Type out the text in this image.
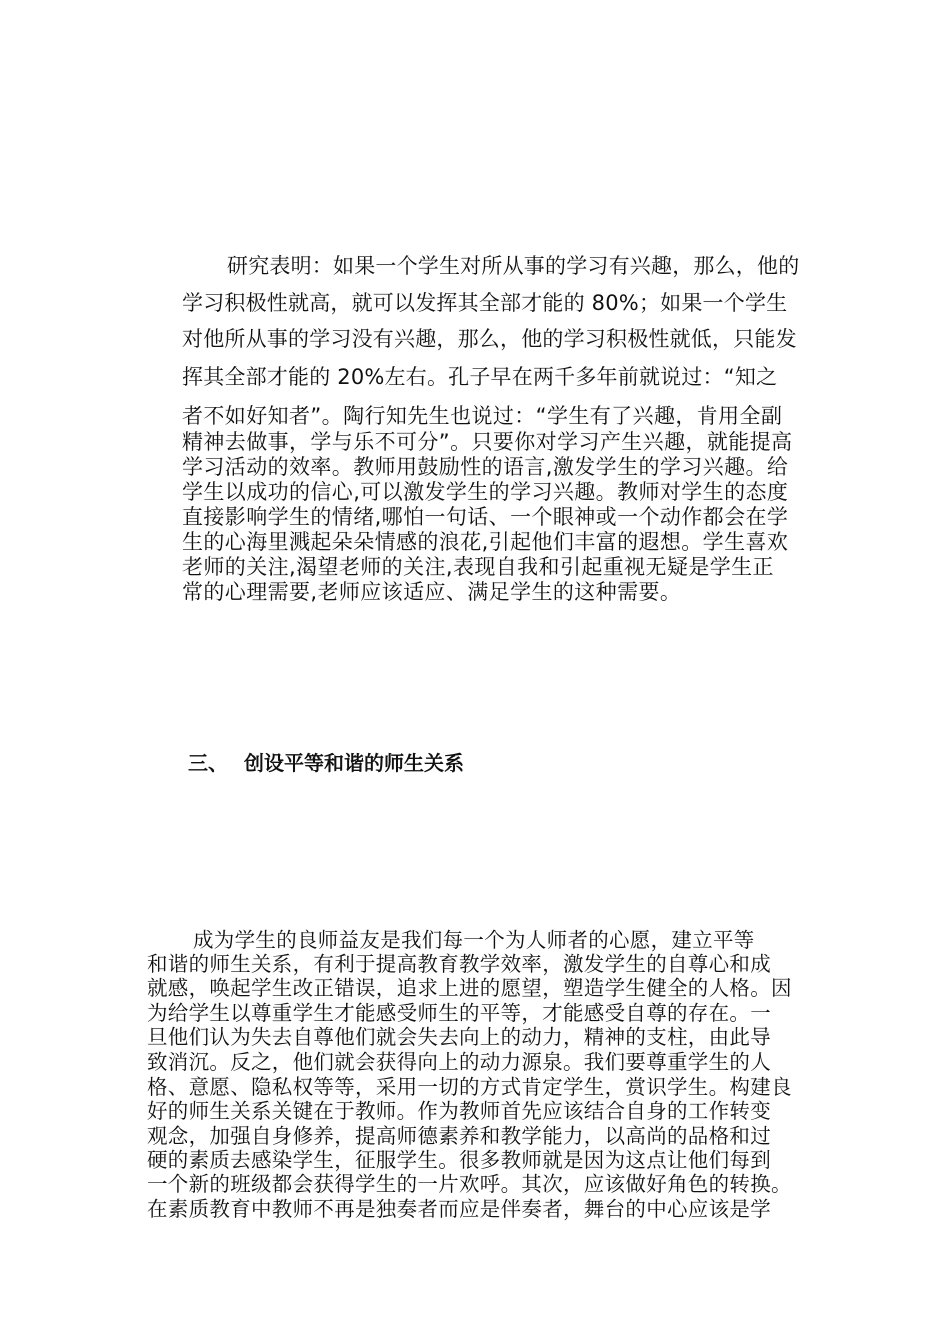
研究表明：如果一个学生对所从事的学习有兴趣，那么，他的

学习积极性就高，就可以发挥其全部才能的 80%；如果一个学生

对他所从事的学习没有兴趣，那么，他的学习积极性就低，只能发

挥其全部才能的 20%左右。孔子早在两千多年前就说过：“知之

者不如好知者”。陶行知先生也说过：“学生有了兴趣，肯用全副

精神去做事，学与乐不可分”。只要你对学习产生兴趣，就能提高

学习活动的效率。教师用鼓励性的语言,激发学生的学习兴趣。给

学生以成功的信心,可以激发学生的学习兴趣。教师对学生的态度

直接影响学生的情绪,哪怕一句话、一个眼神或一个动作都会在学

生的心海里溅起朵朵情感的浪花,引起他们丰富的遐想。学生喜欢

老师的关注,渴望老师的关注,表现自我和引起重视无疑是学生正

常的心理需要,老师应该适应、满足学生的这种需要。

三、 创设平等和谐的师生关系

成为学生的良师益友是我们每一个为人师者的心愿，建立平等

和谐的师生关系，有利于提高教育教学效率，激发学生的自尊心和成

就感，唤起学生改正错误，追求上进的愿望，塑造学生健全的人格。因

为给学生以尊重学生才能感受师生的平等，才能感受自尊的存在。一

旦他们认为失去自尊他们就会失去向上的动力，精神的支柱，由此导

致消沉。反之，他们就会获得向上的动力源泉。我们要尊重学生的人

格、意愿、隐私权等等，采用一切的方式肯定学生，赏识学生。构建良

好的师生关系关键在于教师。作为教师首先应该结合自身的工作转变

观念，加强自身修养，提高师德素养和教学能力，以高尚的品格和过

硬的素质去感染学生，征服学生。很多教师就是因为这点让他们每到

一个新的班级都会获得学生的一片欢呼。其次，应该做好角色的转换。

在素质教育中教师不再是独奏者而应是伴奏者，舞台的中心应该是学
